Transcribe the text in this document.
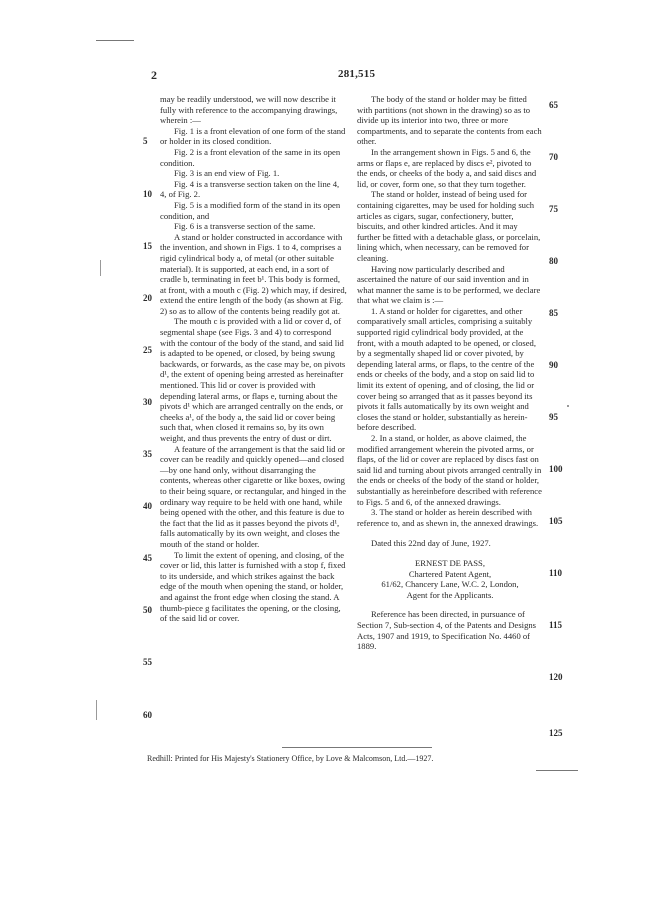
2	281,515

may be readily understood, we will now describe it fully with reference to the accompanying drawings, wherein :—

Fig. 1 is a front elevation of one form of the stand or holder in its closed condition.

Fig. 2 is a front elevation of the same in its open condition.

Fig. 3 is an end view of Fig. 1.

Fig. 4 is a transverse section taken on the line 4, 4, of Fig. 2.

Fig. 5 is a modified form of the stand in its open condition, and

Fig. 6 is a transverse section of the same.

A stand or holder constructed in accordance with the invention, and shown in Figs. 1 to 4, comprises a rigid cylindrical body a, of metal (or other suitable material). It is supported, at each end, in a sort of cradle b, terminating in feet b¹. This body is formed, at front, with a mouth c (Fig. 2) which may, if desired, extend the entire length of the body (as shown at Fig. 2) so as to allow of the contents being readily got at.

The mouth c is provided with a lid or cover d, of segmental shape (see Figs. 3 and 4) to correspond with the contour of the body of the stand, and said lid is adapted to be opened, or closed, by being swung backwards, or forwards, as the case may be, on pivots d¹, the extent of opening being arrested as hereinafter mentioned. This lid or cover is provided with depending lateral arms, or flaps e, turning about the pivots d¹ which are arranged centrally on the ends, or cheeks a¹, of the body a, the said lid or cover being such that, when closed it remains so, by its own weight, and thus prevents the entry of dust or dirt.

A feature of the arrangement is that the said lid or cover can be readily and quickly opened—and closed—by one hand only, without disarranging the contents, whereas other cigarette or like boxes, owing to their being square, or rectangular, and hinged in the ordinary way require to be held with one hand, while being opened with the other, and this feature is due to the fact that the lid as it passes beyond the pivots d¹, falls automatically by its own weight, and closes the mouth of the stand or holder.

To limit the extent of opening, and closing, of the cover or lid, this latter is furnished with a stop f, fixed to its underside, and which strikes against the back edge of the mouth when opening the stand, or holder, and against the front edge when closing the stand. A thumb-piece g facilitates the opening, or the closing, of the said lid or cover.

The body of the stand or holder may be fitted with partitions (not shown in the drawing) so as to divide up its interior into two, three or more compartments, and to separate the contents from each other.

In the arrangement shown in Figs. 5 and 6, the arms or flaps e, are replaced by discs e², pivoted to the ends, or cheeks of the body a, and said discs and lid, or cover, form one, so that they turn together.

The stand or holder, instead of being used for containing cigarettes, may be used for holding such articles as cigars, sugar, confectionery, butter, biscuits, and other kindred articles. And it may further be fitted with a detachable glass, or porcelain, lining which, when necessary, can be removed for cleaning.

Having now particularly described and ascertained the nature of our said invention and in what manner the same is to be performed, we declare that what we claim is :—

1. A stand or holder for cigarettes, and other comparatively small articles, comprising a suitably supported rigid cylindrical body provided, at the front, with a mouth adapted to be opened, or closed, by a segmentally shaped lid or cover pivoted, by depending lateral arms, or flaps, to the centre of the ends or cheeks of the body, and a stop on said lid to limit its extent of opening, and of closing, the lid or cover being so arranged that as it passes beyond its pivots it falls automatically by its own weight and closes the stand or holder, substantially as herein-before described.

2. In a stand, or holder, as above claimed, the modified arrangement wherein the pivoted arms, or flaps, of the lid or cover are replaced by discs fast on said lid and turning about pivots arranged centrally in the ends or cheeks of the body of the stand or holder, substantially as hereinbefore described with reference to Figs. 5 and 6, of the annexed drawings.

3. The stand or holder as herein described with reference to, and as shewn in, the annexed drawings.

Dated this 22nd day of June, 1927.

ERNEST DE PASS,

Chartered Patent Agent,

61/62, Chancery Lane, W.C. 2, London,

Agent for the Applicants.

Reference has been directed, in pursuance of Section 7, Sub-section 4, of the Patents and Designs Acts, 1907 and 1919, to Specification No. 4460 of 1889.

5
10
15
20
25
30
35
40
45
50
55
60
65
70
75
80
85
90
95
100
105
110
115
120
125
Redhill: Printed for His Majesty's Stationery Office, by Love & Malcomson, Ltd.—1927.
